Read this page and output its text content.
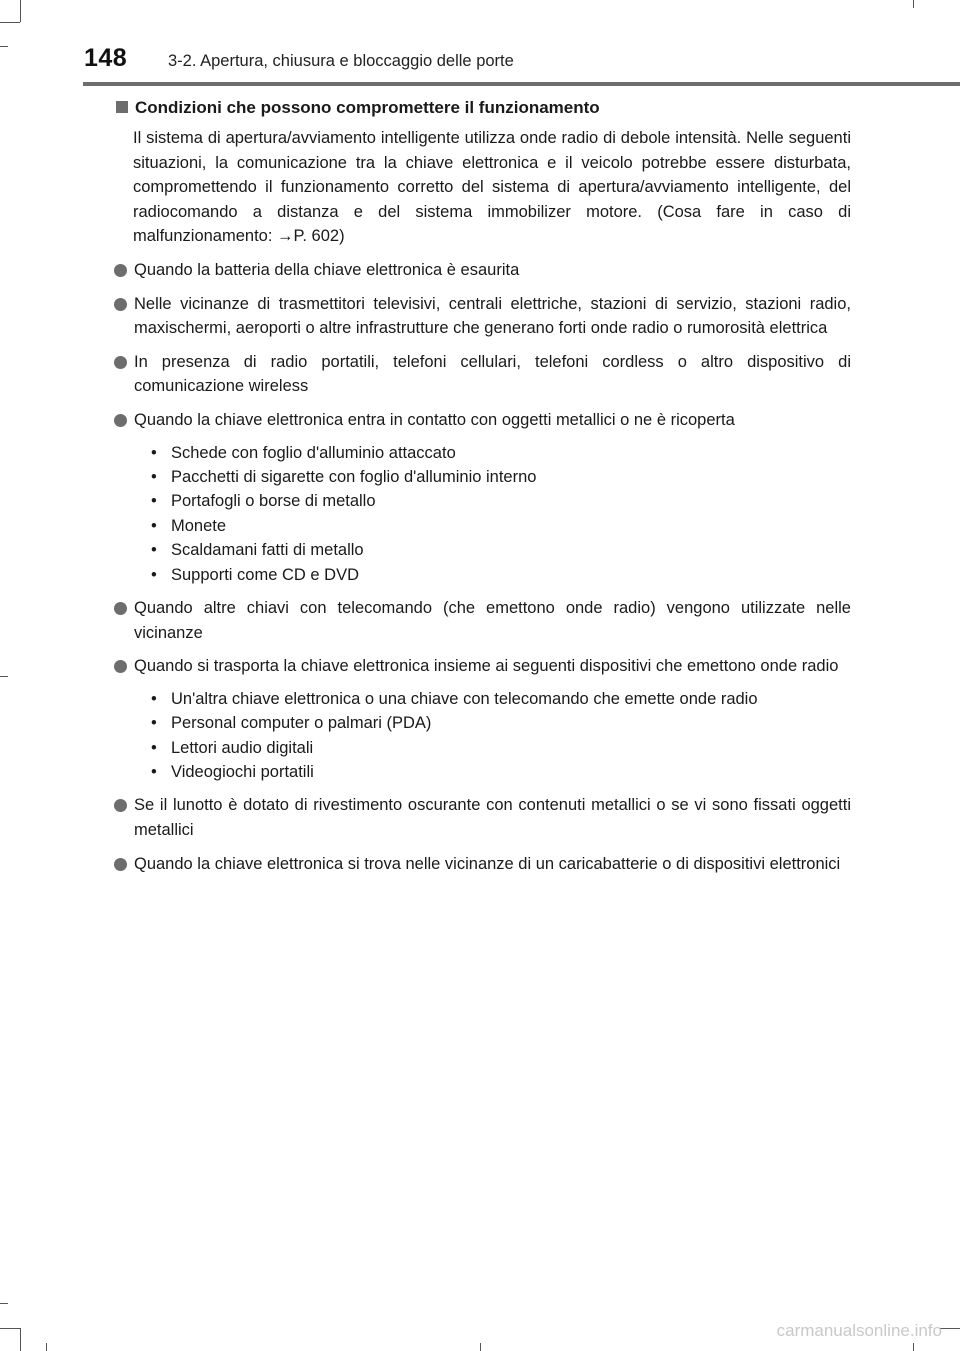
148 3-2. Apertura, chiusura e bloccaggio delle porte
Condizioni che possono compromettere il funzionamento
Il sistema di apertura/avviamento intelligente utilizza onde radio di debole intensità. Nelle seguenti situazioni, la comunicazione tra la chiave elettronica e il veicolo potrebbe essere disturbata, compromettendo il funzionamento corretto del sistema di apertura/avviamento intelligente, del radiocomando a distanza e del sistema immobilizer motore. (Cosa fare in caso di malfunzionamento: →P. 602)
Quando la batteria della chiave elettronica è esaurita
Nelle vicinanze di trasmettitori televisivi, centrali elettriche, stazioni di servizio, stazioni radio, maxischermi, aeroporti o altre infrastrutture che generano forti onde radio o rumorosità elettrica
In presenza di radio portatili, telefoni cellulari, telefoni cordless o altro dispositivo di comunicazione wireless
Quando la chiave elettronica entra in contatto con oggetti metallici o ne è ricoperta
• Schede con foglio d'alluminio attaccato
• Pacchetti di sigarette con foglio d'alluminio interno
• Portafogli o borse di metallo
• Monete
• Scaldamani fatti di metallo
• Supporti come CD e DVD
Quando altre chiavi con telecomando (che emettono onde radio) vengono utilizzate nelle vicinanze
Quando si trasporta la chiave elettronica insieme ai seguenti dispositivi che emettono onde radio
• Un'altra chiave elettronica o una chiave con telecomando che emette onde radio
• Personal computer o palmari (PDA)
• Lettori audio digitali
• Videogiochi portatili
Se il lunotto è dotato di rivestimento oscurante con contenuti metallici o se vi sono fissati oggetti metallici
Quando la chiave elettronica si trova nelle vicinanze di un caricabatterie o di dispositivi elettronici
carmanualsonline.info
